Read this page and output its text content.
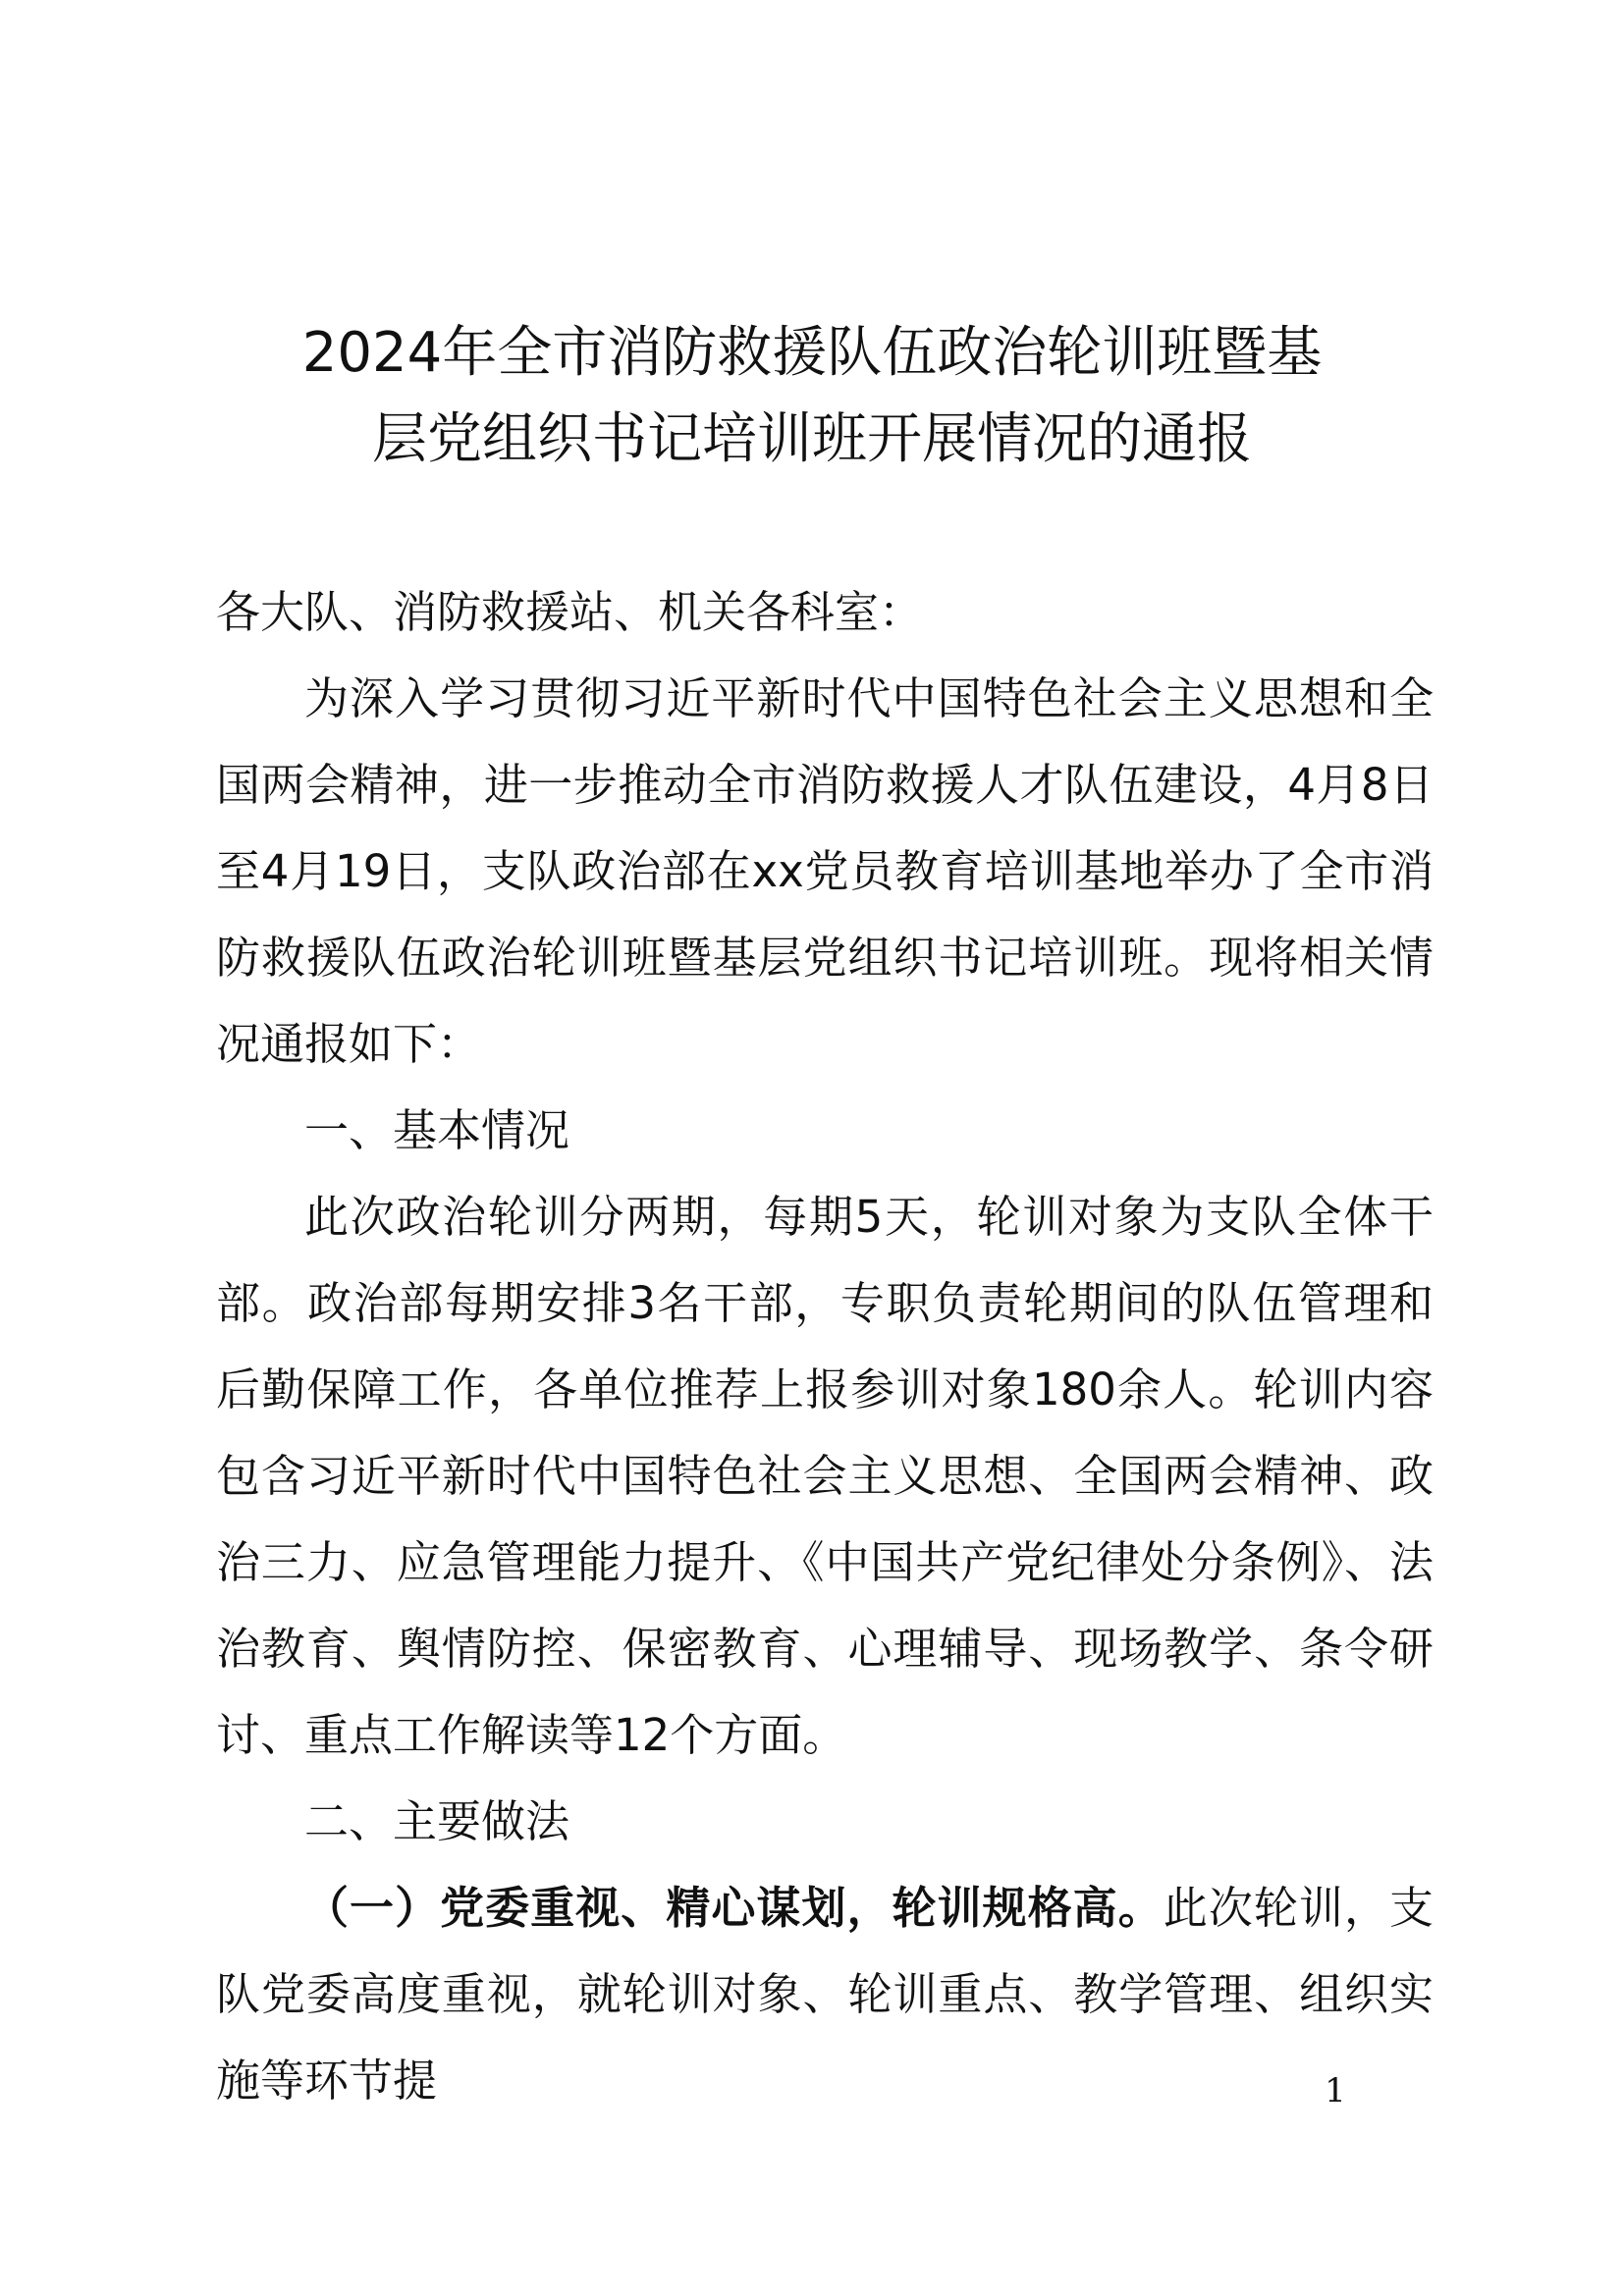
2024年全市消防救援队伍政治轮训班暨基
层党组织书记培训班开展情况的通报

各大队、消防救援站、机关各科室：

为深入学习贯彻习近平新时代中国特色社会主义思想和全国两会精神，进一步推动全市消防救援人才队伍建设，4月8日至4月19日，支队政治部在xx党员教育培训基地举办了全市消防救援队伍政治轮训班暨基层党组织书记培训班。现将相关情况通报如下：

一、基本情况

此次政治轮训分两期，每期5天，轮训对象为支队全体干部。政治部每期安排3名干部，专职负责轮期间的队伍管理和后勤保障工作，各单位推荐上报参训对象180余人。轮训内容包含习近平新时代中国特色社会主义思想、全国两会精神、政治三力、应急管理能力提升、《中国共产党纪律处分条例》、法治教育、舆情防控、保密教育、心理辅导、现场教学、条令研讨、重点工作解读等12个方面。

二、主要做法

（一）党委重视、精心谋划，轮训规格高。此次轮训，支队党委高度重视，就轮训对象、轮训重点、教学管理、组织实施等环节提	1
